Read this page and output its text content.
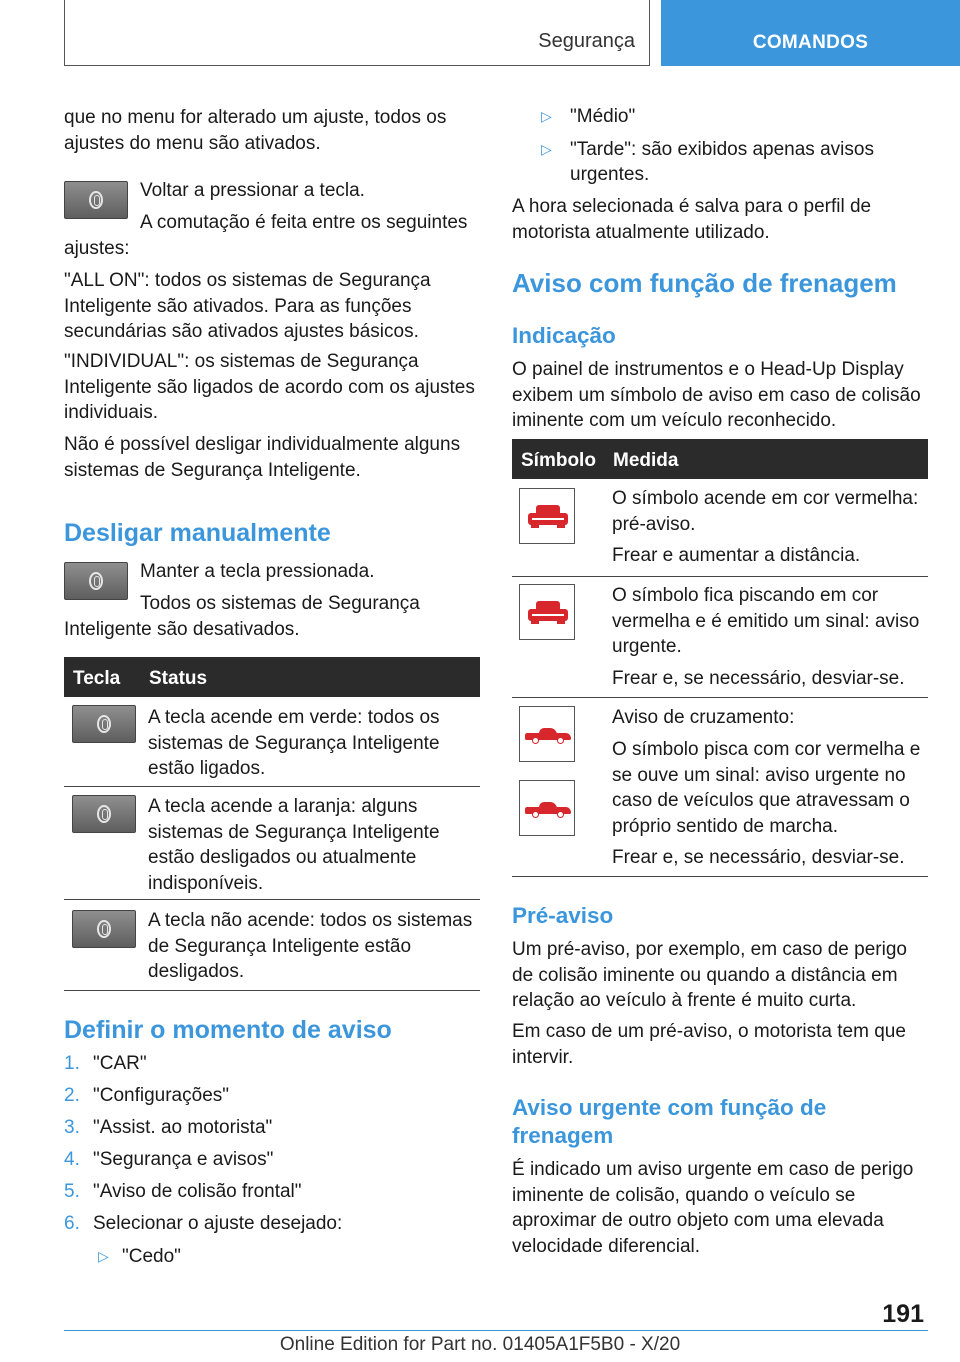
Segurança	COMANDOS
que no menu for alterado um ajuste, todos os ajustes do menu são ativados.
Voltar a pressionar a tecla.
A comutação é feita entre os seguintes ajustes:
"ALL ON": todos os sistemas de Segurança Inteligente são ativados. Para as funções secundárias são ativados ajustes básicos.
"INDIVIDUAL": os sistemas de Segurança Inteligente são ligados de acordo com os ajustes individuais.
Não é possível desligar individualmente alguns sistemas de Segurança Inteligente.
Desligar manualmente
Manter a tecla pressionada.
Todos os sistemas de Segurança Inteligente são desativados.
Tecla Status
A tecla acende em verde: todos os sistemas de Segurança Inteligente estão ligados.
A tecla acende a laranja: alguns sistemas de Segurança Inteligente estão desligados ou atualmente indisponíveis.
A tecla não acende: todos os sistemas de Segurança Inteligente estão desligados.
Definir o momento de aviso
1. "CAR"
2. "Configurações"
3. "Assist. ao motorista"
4. "Segurança e avisos"
5. "Aviso de colisão frontal"
6. Selecionar o ajuste desejado:
▷ "Cedo"
▷ "Médio"
▷ "Tarde": são exibidos apenas avisos urgentes.
A hora selecionada é salva para o perfil de motorista atualmente utilizado.
Aviso com função de frenagem
Indicação
O painel de instrumentos e o Head-Up Display exibem um símbolo de aviso em caso de colisão iminente com um veículo reconhecido.
Símbolo Medida
O símbolo acende em cor vermelha: pré-aviso.
Frear e aumentar a distância.
O símbolo fica piscando em cor vermelha e é emitido um sinal: aviso urgente.
Frear e, se necessário, desviar-se.
Aviso de cruzamento:
O símbolo pisca com cor vermelha e se ouve um sinal: aviso urgente no caso de veículos que atravessam o próprio sentido de marcha.
Frear e, se necessário, desviar-se.
Pré-aviso
Um pré-aviso, por exemplo, em caso de perigo de colisão iminente ou quando a distância em relação ao veículo à frente é muito curta.
Em caso de um pré-aviso, o motorista tem que intervir.
Aviso urgente com função de frenagem
É indicado um aviso urgente em caso de perigo iminente de colisão, quando o veículo se aproximar de outro objeto com uma elevada velocidade diferencial.
191
Online Edition for Part no. 01405A1F5B0 - X/20
